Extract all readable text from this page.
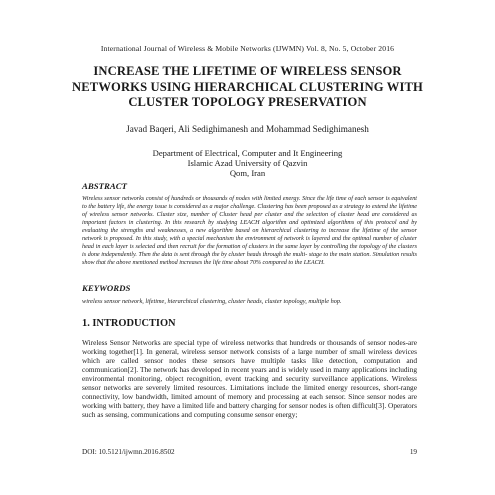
International Journal of Wireless & Mobile Networks (IJWMN) Vol. 8, No. 5, October 2016
INCREASE THE LIFETIME OF WIRELESS SENSOR NETWORKS USING HIERARCHICAL CLUSTERING WITH CLUSTER TOPOLOGY PRESERVATION
Javad Baqeri, Ali Sedighimanesh and Mohammad Sedighimanesh
Department of Electrical, Computer and It Engineering
Islamic Azad University of Qazvin
Qom, Iran
ABSTRACT
Wireless sensor networks consist of hundreds or thousands of nodes with limited energy. Since the life time of each sensor is equivalent to the battery life, the energy issue is considered as a major challenge. Clustering has been proposed as a strategy to extend the lifetime of wireless sensor networks. Cluster size, number of Cluster head per cluster and the selection of cluster head are considered as important factors in clustering. In this research by studying LEACH algorithm and optimized algorithms of this protocol and by evaluating the strengths and weaknesses, a new algorithm based on hierarchical clustering to increase the lifetime of the sensor network is proposed. In this study, with a special mechanism the environment of network is layered and the optimal number of cluster head in each layer is selected and then recruit for the formation of clusters in the same layer by controlling the topology of the clusters is done independently. Then the data is sent through the by cluster heads through the multi- stage to the main station. Simulation results show that the above mentioned method increases the life time about 70% compared to the LEACH.
KEYWORDS
wireless sensor network, lifetime, hierarchical clustering, cluster heads, cluster topology, multiple hop.
1. INTRODUCTION
Wireless Sensor Networks are special type of wireless networks that hundreds or thousands of sensor nodes-are working together[1]. In general, wireless sensor network consists of a large number of small wireless devices which are called sensor nodes these sensors have multiple tasks like detection, computation and communication[2]. The network has developed in recent years and is widely used in many applications including environmental monitoring, object recognition, event tracking and security surveillance applications. Wireless sensor networks are severely limited resources. Limitations include the limited energy resources, short-range connectivity, low bandwidth, limited amount of memory and processing at each sensor. Since sensor nodes are working with battery, they have a limited life and battery charging for sensor nodes is often difficult[3]. Operators such as sensing, communications and computing consume sensor energy;
DOI: 10.5121/ijwmn.2016.8502	19
